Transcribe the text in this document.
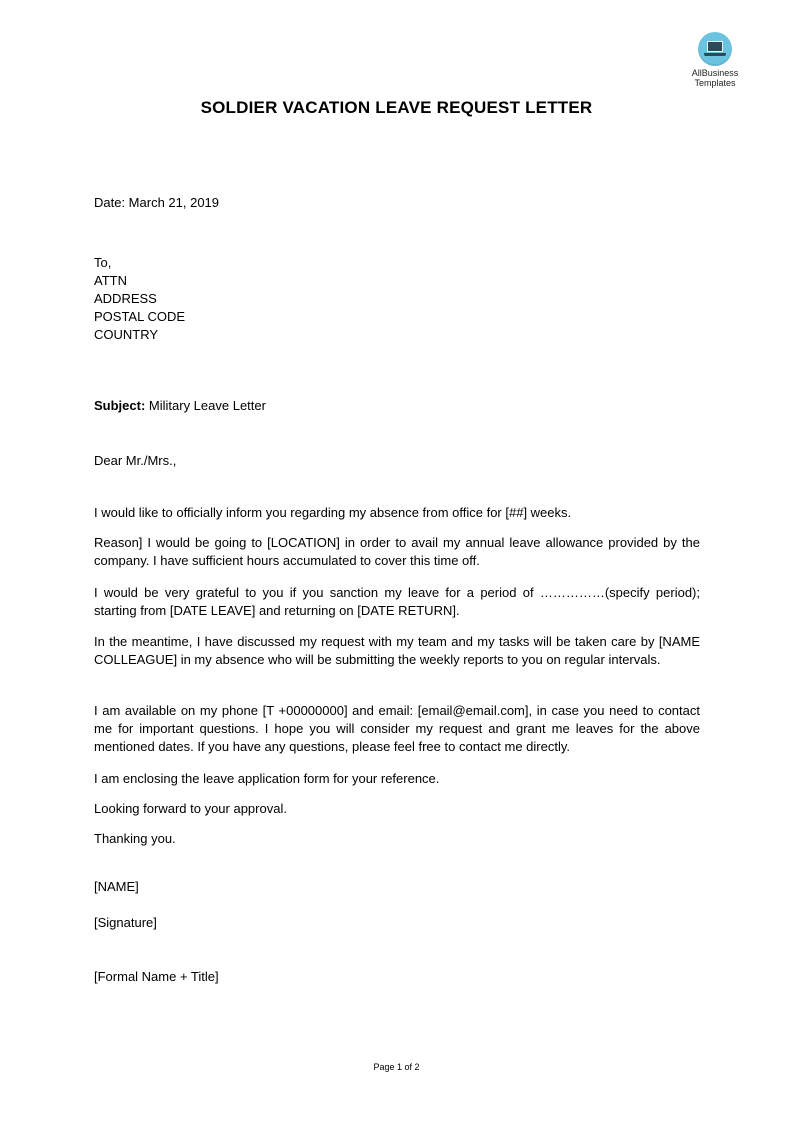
AllBusiness
Templates
SOLDIER VACATION LEAVE REQUEST LETTER
Date: March 21, 2019
To,
ATTN
ADDRESS
POSTAL CODE
COUNTRY
Subject: Military Leave Letter
Dear Mr./Mrs.,
I would like to officially inform you regarding my absence from office for [##] weeks.
Reason] I would be going to [LOCATION] in order to avail my annual leave allowance provided by the company. I have sufficient hours accumulated to cover this time off.
I would be very grateful to you if you sanction my leave for a period of ……………(specify period); starting from [DATE LEAVE] and returning on [DATE RETURN].
In the meantime, I have discussed my request with my team and my tasks will be taken care by [NAME COLLEAGUE] in my absence who will be submitting the weekly reports to you on regular intervals.
I am available on my phone [T +00000000] and email: [email@email.com], in case you need to contact me for important questions. I hope you will consider my request and grant me leaves for the above mentioned dates. If you have any questions, please feel free to contact me directly.
I am enclosing the leave application form for your reference.
Looking forward to your approval.
Thanking you.
[NAME]
[Signature]
[Formal Name + Title]
Page 1 of 2
